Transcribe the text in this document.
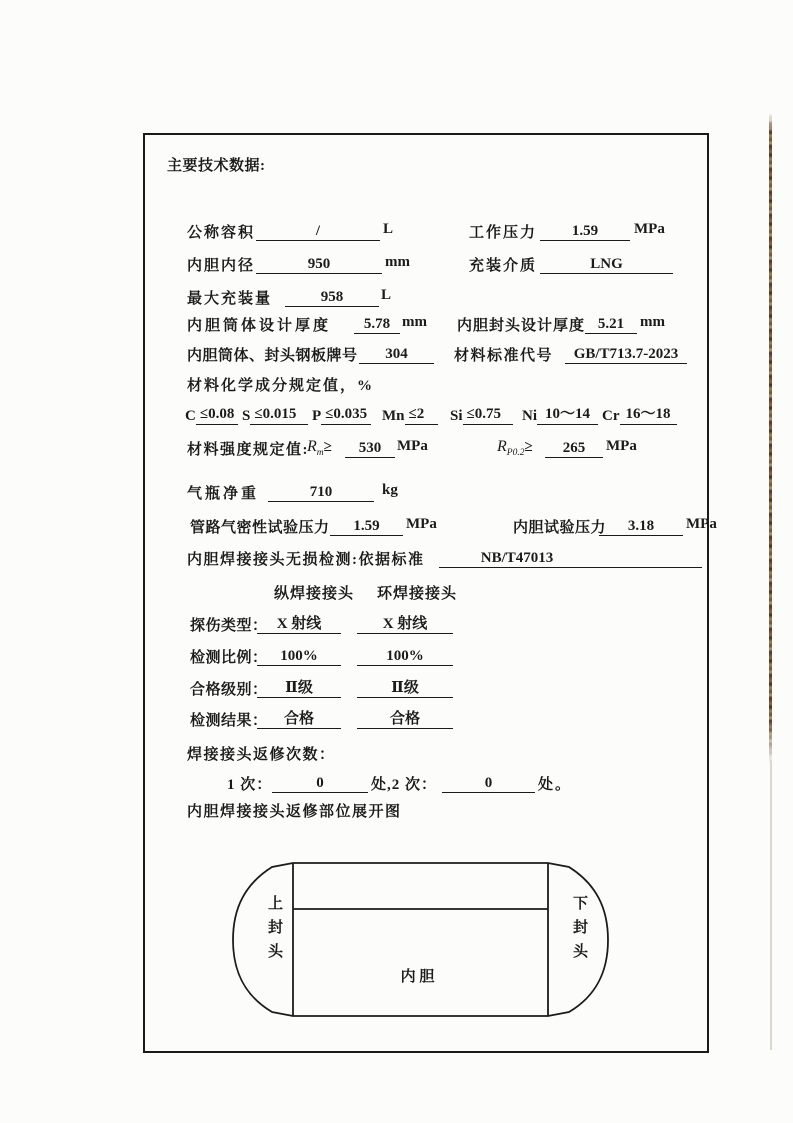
主要技术数据:
公称容积	/	L	工作压力	1.59	MPa
内胆内径	950	mm	充装介质	LNG
最大充装量	958	L
内胆筒体设计厚度	5.78 mm 内胆封头设计厚度 5.21	mm
内胆筒体、封头钢板牌号	304	材料标准代号	GB/T713.7-2023
材料化学成分规定值，%
C ≤0.08 S ≤0.015	P ≤0.035 Mn ≤2	Si ≤0.75	Ni 10～14 Cr 16～18
材料强度规定值:
$R_m\ge$	530	MPa	$R_{P0.2}\ge$	265	MPa
气瓶净重	710	kg
管路气密性试验压力	1.59	MPa	内胆试验压力	3.18	MPa
内胆焊接接头无损检测:依据标准	NB/T47013
纵焊接接头 环焊接接头
探伤类型： X 射线	X 射线
检测比例： 100%	100%
合格级别：	Ⅱ级	Ⅱ级
检测结果：	合格	合格
焊接接头返修次数：
1 次：	0	处,2 次：	0	处。
内胆焊接接头返修部位展开图
上封头	下封头
内 胆
